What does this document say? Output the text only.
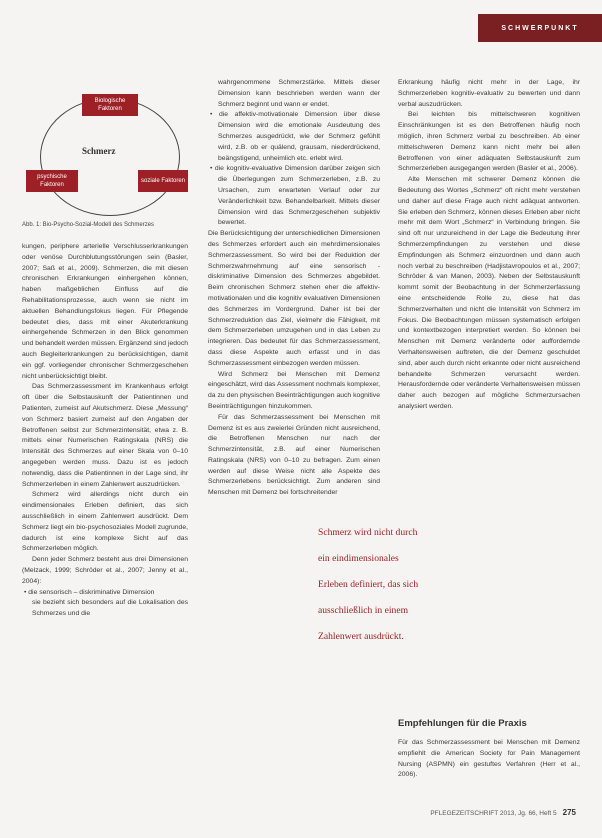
SCHWERPUNKT
Biologische Faktoren
psychische Faktoren
soziale Faktoren
Schmerz
Abb. 1: Bio-Psycho-Sozial-Modell des Schmerzes

kungen, periphere arterielle Verschlusserkrankungen oder venöse Durchblutungsstörungen sein (Basler, 2007; Saß et al., 2009). Schmerzen, die mit diesen chronischen Erkrankungen einhergehen können, haben maßgeblichen Einfluss auf die Rehabilitationsprozesse, auch wenn sie nicht im aktuellen Behandlungsfokus liegen. Für Pflegende bedeutet dies, dass mit einer Akuterkrankung einhergehende Schmerzen in den Blick genommen und behandelt werden müssen. Ergänzend sind jedoch auch Begleiterkrankungen zu berücksichtigen, damit ein ggf. vorliegender chronischer Schmerzgeschehen nicht unberücksichtigt bleibt.

Das Schmerzassessment im Krankenhaus erfolgt oft über die Selbstauskunft der Patientinnen und Patienten, zumeist auf Akutschmerz. Diese „Messung“ von Schmerz basiert zumeist auf den Angaben der Betroffenen selbst zur Schmerzintensität, etwa z. B. mittels einer Numerischen Ratingskala (NRS) die Intensität des Schmerzes auf einer Skala von 0–10 angegeben werden muss. Dazu ist es jedoch notwendig, dass die Patientinnen in der Lage sind, ihr Schmerzerleben in einem Zahlenwert auszudrücken.

Schmerz wird allerdings nicht durch ein eindimensionales Erleben definiert, das sich ausschließlich in einem Zahlenwert ausdrückt. Dem Schmerz liegt ein bio-psychosoziales Modell zugrunde, dadurch ist eine komplexe Sicht auf das Schmerzerleben möglich.

Denn jeder Schmerz besteht aus drei Dimensionen (Melzack, 1999; Schröder et al., 2007; Jenny et al., 2004):

• die sensorisch – diskriminative Dimension

sie bezieht sich besonders auf die Lokalisation des Schmerzes und die

wahrgenommene Schmerzstärke. Mittels dieser Dimension kann beschrieben werden wann der Schmerz beginnt und wann er endet.

• die affektiv-motivationale Dimension über diese Dimension wird die emotionale Ausdeutung des Schmerzes ausgedrückt, wie der Schmerz gefühlt wird, z.B. ob er quälend, grausam, niederdrückend, beängstigend, unheimlich etc. erlebt wird.

• die kognitiv-evaluative Dimension darüber zeigen sich die Überlegungen zum Schmerzerleben, z.B. zu Ursachen, zum erwarteten Verlauf oder zur Veränderlichkeit bzw. Behandelbarkeit. Mittels dieser Dimension wird das Schmerzgeschehen subjektiv bewertet.

Die Berücksichtigung der unterschiedlichen Dimensionen des Schmerzes erfordert auch ein mehrdimensionales Schmerzassessment. So wird bei der Reduktion der Schmerzwahrnehmung auf eine sensorisch - diskriminative Dimension des Schmerzes abgebildet. Beim chronischen Schmerz stehen eher die affektiv-motivationalen und die kognitiv evaluativen Dimensionen des Schmerzes im Vordergrund. Daher ist bei der Schmerzreduktion das Ziel, vielmehr die Fähigkeit, mit dem Schmerzerleben umzugehen und in das Leben zu integrieren. Das bedeutet für das Schmerzassessment, dass diese Aspekte auch erfasst und in das Schmerzassessment einbezogen werden müssen.

Wird Schmerz bei Menschen mit Demenz eingeschätzt, wird das Assessment nochmals komplexer, da zu den physischen Beeinträchtigungen auch kognitive Beeinträchtigungen hinzukommen.

Für das Schmerzassessment bei Menschen mit Demenz ist es aus zweierlei Gründen nicht ausreichend, die Betroffenen Menschen nur nach der Schmerzintensität, z.B. auf einer Numerischen Ratingskala (NRS) von 0–10 zu befragen. Zum einen werden auf diese Weise nicht alle Aspekte des Schmerzerlebens berücksichtigt. Zum anderen sind Menschen mit Demenz bei fortschreitender

Schmerz wird nicht durch
ein eindimensionales
Erleben definiert, das sich
ausschließlich in einem
Zahlenwert ausdrückt.

Erkrankung häufig nicht mehr in der Lage, ihr Schmerzerleben kognitiv-evaluativ zu bewerten und dann verbal auszudrücken.

Bei leichten bis mittelschweren kognitiven Einschränkungen ist es den Betroffenen häufig noch möglich, ihren Schmerz verbal zu beschreiben. Ab einer mittelschweren Demenz kann nicht mehr bei allen Betroffenen von einer adäquaten Selbstauskunft zum Schmerzerleben ausgegangen werden (Basler et al., 2006).

Alte Menschen mit schwerer Demenz können die Bedeutung des Wortes „Schmerz“ oft nicht mehr verstehen und daher auf diese Frage auch nicht adäquat antworten. Sie erleben den Schmerz, können dieses Erleben aber nicht mehr mit dem Wort „Schmerz“ in Verbindung bringen. Sie sind oft nur unzureichend in der Lage die Bedeutung ihrer Schmerzempfindungen zu verstehen und diese Empfindungen als Schmerz einzuordnen und dann auch noch verbal zu beschreiben (Hadjistavropoulos et al., 2007; Schröder & van Manen, 2003). Neben der Selbstauskunft kommt somit der Beobachtung in der Schmerzerfassung eine entscheidende Rolle zu, diese hat das Schmerzverhalten und nicht die Intensität von Schmerz im Fokus. Die Beobachtungen müssen systematisch erfolgen und kontextbezogen interpretiert werden. So können bei Menschen mit Demenz veränderte oder auffordernde Verhaltensweisen auftreten, die der Demenz geschuldet sind, aber auch durch nicht erkannte oder nicht ausreichend behandelte Schmerzen verursacht werden. Herausfordernde oder veränderte Verhaltensweisen müssen daher auch bezogen auf mögliche Schmerzursachen analysiert werden.

Empfehlungen für die Praxis

Für das Schmerzassessment bei Menschen mit Demenz empfiehlt die American Society for Pain Management Nursing (ASPMN) ein gestuftes Verfahren (Herr et al., 2006).

PFLEGEZEITSCHRIFT 2013, Jg. 66, Heft 5 275
